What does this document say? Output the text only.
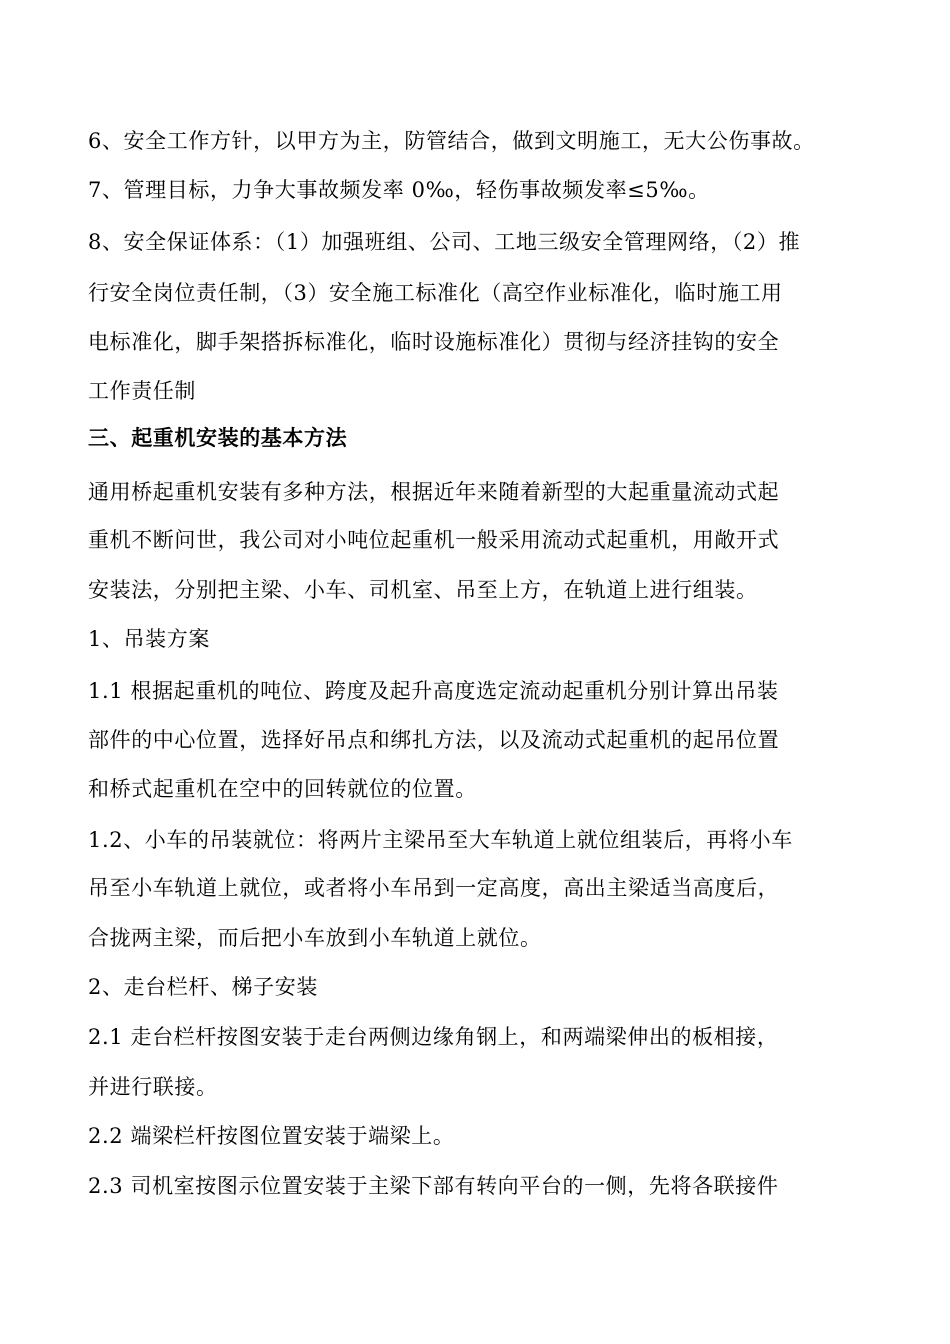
6、安全工作方针，以甲方为主，防管结合，做到文明施工，无大公伤事故。
7、管理目标，力争大事故频发率 0‰，轻伤事故频发率≤5‰。
8、安全保证体系：（1）加强班组、公司、工地三级安全管理网络，（2）推
行安全岗位责任制，（3）安全施工标准化（高空作业标准化，临时施工用
电标准化，脚手架搭拆标准化，临时设施标准化）贯彻与经济挂钩的安全
工作责任制
三、起重机安装的基本方法
通用桥起重机安装有多种方法，根据近年来随着新型的大起重量流动式起
重机不断问世，我公司对小吨位起重机一般采用流动式起重机，用敞开式
安装法，分别把主梁、小车、司机室、吊至上方，在轨道上进行组装。
1、吊装方案
1.1 根据起重机的吨位、跨度及起升高度选定流动起重机分别计算出吊装
部件的中心位置，选择好吊点和绑扎方法，以及流动式起重机的起吊位置
和桥式起重机在空中的回转就位的位置。
1.2、小车的吊装就位：将两片主梁吊至大车轨道上就位组装后，再将小车
吊至小车轨道上就位，或者将小车吊到一定高度，高出主梁适当高度后，
合拢两主梁，而后把小车放到小车轨道上就位。
2、走台栏杆、梯子安装
2.1 走台栏杆按图安装于走台两侧边缘角钢上，和两端梁伸出的板相接，
并进行联接。
2.2 端梁栏杆按图位置安装于端梁上。
2.3 司机室按图示位置安装于主梁下部有转向平台的一侧，先将各联接件
